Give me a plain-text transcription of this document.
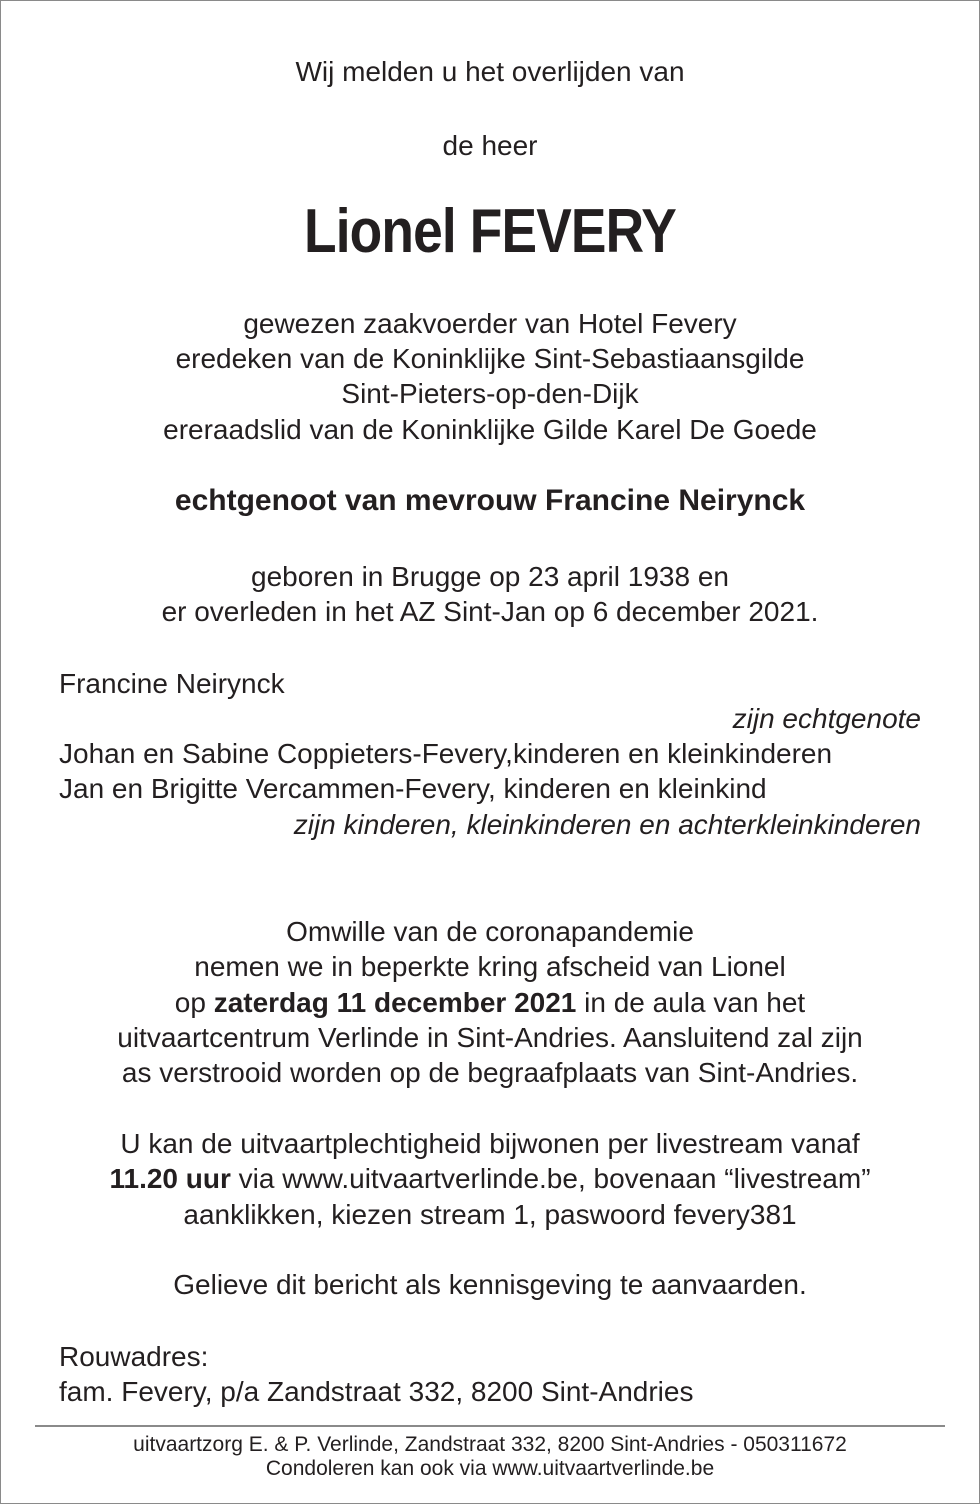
Wij melden u het overlijden van
de heer
Lionel FEVERY
gewezen zaakvoerder van Hotel Fevery
eredeken van de Koninklijke Sint-Sebastiaansgilde
Sint-Pieters-op-den-Dijk
ereraadslid van de Koninklijke Gilde Karel De Goede
echtgenoot van mevrouw Francine Neirynck
geboren in Brugge op 23 april 1938 en
er overleden in het AZ Sint-Jan op 6 december 2021.
Francine Neirynck
zijn echtgenote
Johan en Sabine Coppieters-Fevery,kinderen en kleinkinderen
Jan en Brigitte Vercammen-Fevery, kinderen en kleinkind
zijn kinderen, kleinkinderen en achterkleinkinderen
Omwille van de coronapandemie
nemen we in beperkte kring afscheid van Lionel
op zaterdag 11 december 2021 in de aula van het
uitvaartcentrum Verlinde in Sint-Andries. Aansluitend zal zijn
as verstrooid worden op de begraafplaats van Sint-Andries.
U kan de uitvaartplechtigheid bijwonen per livestream vanaf
11.20 uur via www.uitvaartverlinde.be, bovenaan “livestream”
aanklikken, kiezen stream 1, paswoord fevery381
Gelieve dit bericht als kennisgeving te aanvaarden.
Rouwadres:
fam. Fevery, p/a Zandstraat 332, 8200 Sint-Andries
uitvaartzorg E. & P. Verlinde, Zandstraat 332, 8200 Sint-Andries - 050311672
Condoleren kan ook via www.uitvaartverlinde.be
